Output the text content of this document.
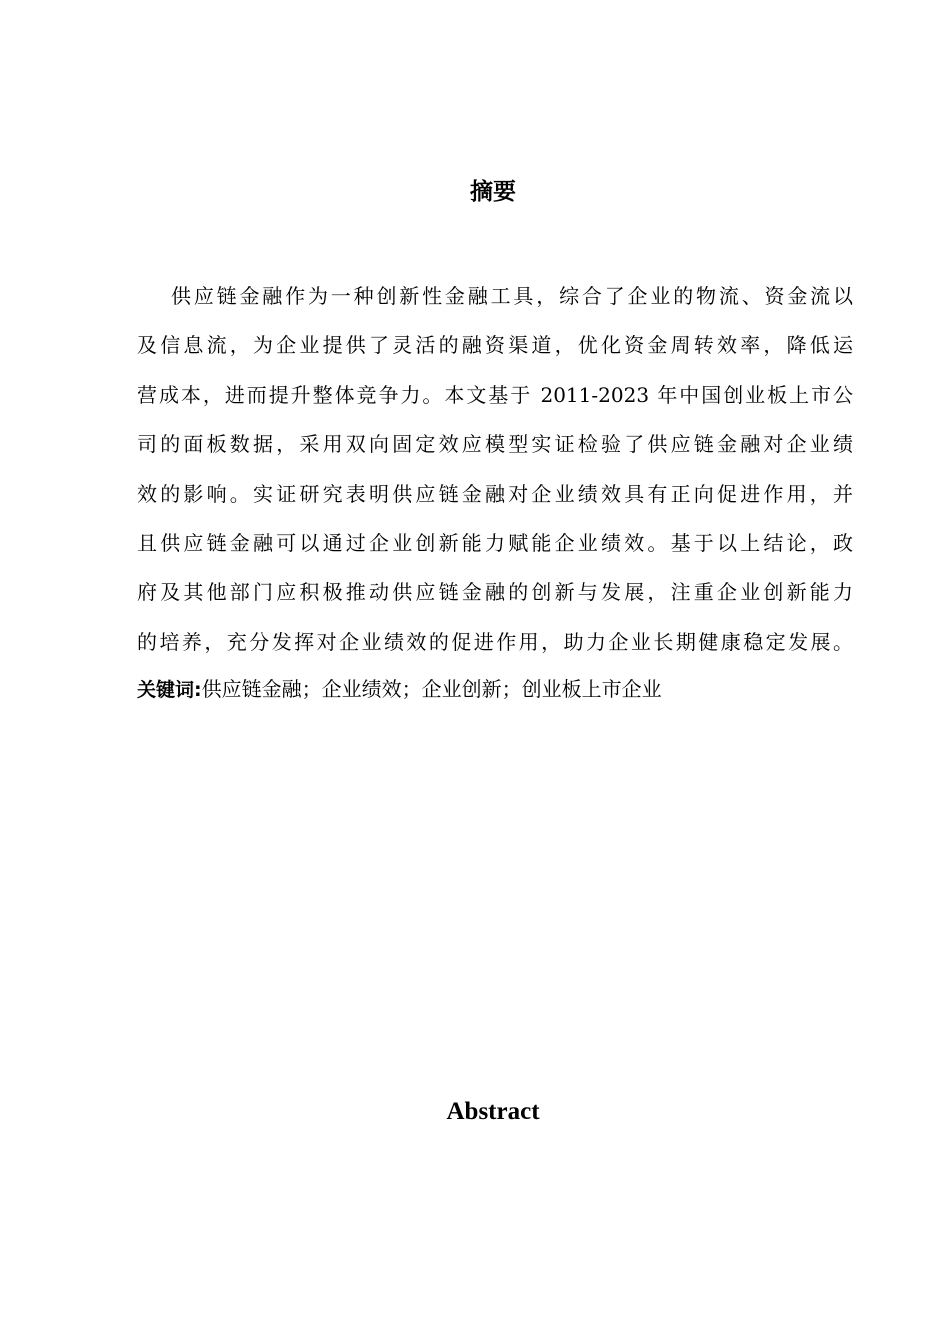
摘要
供应链金融作为一种创新性金融工具，综合了企业的物流、资金流以
及信息流，为企业提供了灵活的融资渠道，优化资金周转效率，降低运
营成本，进而提升整体竞争力。本文基于 2011-2023 年中国创业板上市公
司的面板数据，采用双向固定效应模型实证检验了供应链金融对企业绩
效的影响。实证研究表明供应链金融对企业绩效具有正向促进作用，并
且供应链金融可以通过企业创新能力赋能企业绩效。基于以上结论，政
府及其他部门应积极推动供应链金融的创新与发展，注重企业创新能力
的培养，充分发挥对企业绩效的促进作用，助力企业长期健康稳定发展。
关键词:供应链金融；企业绩效；企业创新；创业板上市企业
Abstract
